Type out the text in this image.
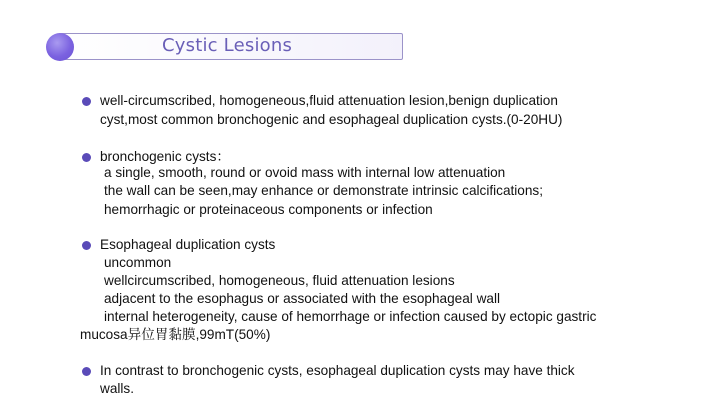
Cystic Lesions
well-circumscribed, homogeneous,fluid attenuation lesion,benign duplication
cyst,most common bronchogenic and esophageal duplication cysts.(0-20HU)
bronchogenic cysts：
a single, smooth, round or ovoid mass with internal low attenuation
the wall can be seen,may enhance or demonstrate intrinsic calcifications;
hemorrhagic or proteinaceous components or infection
Esophageal duplication cysts
uncommon
wellcircumscribed, homogeneous, fluid attenuation lesions
adjacent to the esophagus or associated with the esophageal wall
internal heterogeneity, cause of hemorrhage or infection caused by ectopic gastric
mucosa异位胃黏膜,99mT(50%)
In contrast to bronchogenic cysts, esophageal duplication cysts may have thick
walls.
